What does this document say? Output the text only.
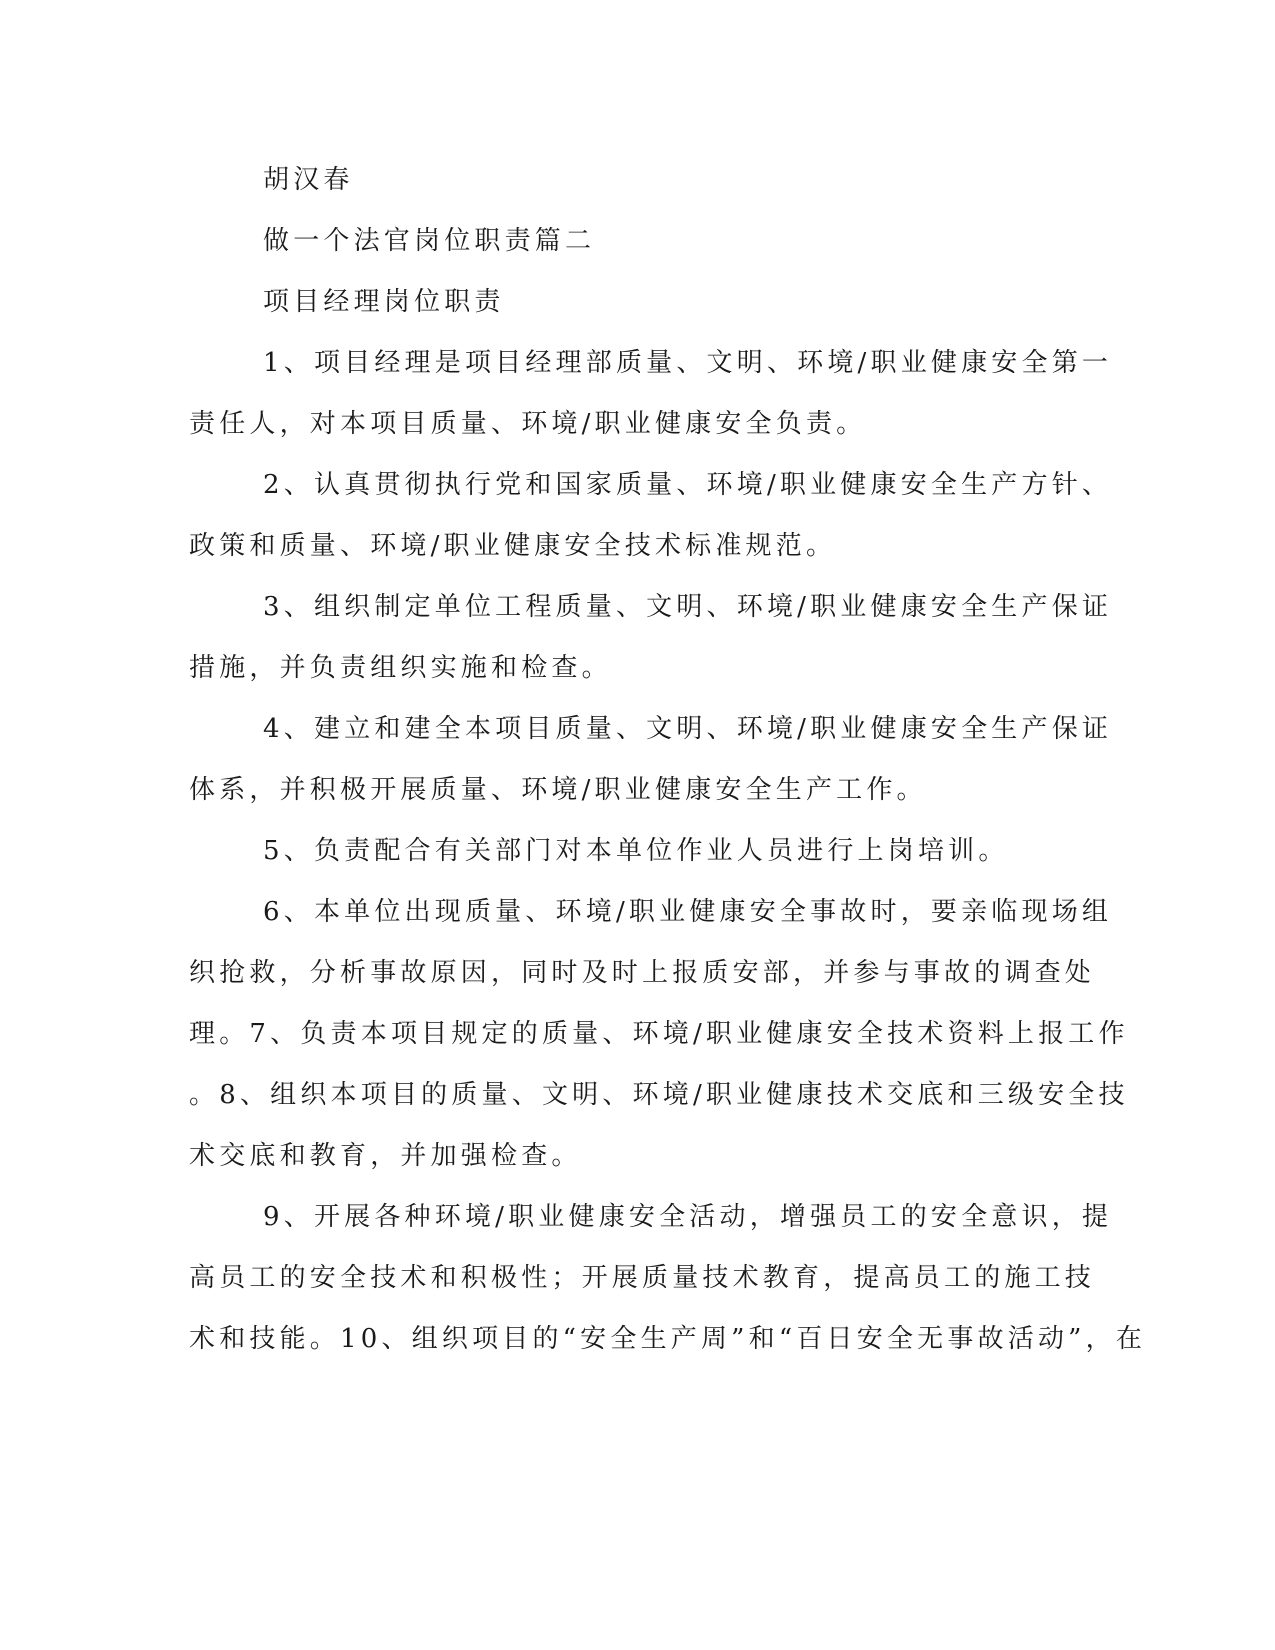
胡汉春
做一个法官岗位职责篇二
项目经理岗位职责
1、项目经理是项目经理部质量、文明、环境/职业健康安全第一
责任人，对本项目质量、环境/职业健康安全负责。
2、认真贯彻执行党和国家质量、环境/职业健康安全生产方针、
政策和质量、环境/职业健康安全技术标准规范。
3、组织制定单位工程质量、文明、环境/职业健康安全生产保证
措施，并负责组织实施和检查。
4、建立和建全本项目质量、文明、环境/职业健康安全生产保证
体系，并积极开展质量、环境/职业健康安全生产工作。
5、负责配合有关部门对本单位作业人员进行上岗培训。
6、本单位出现质量、环境/职业健康安全事故时，要亲临现场组
织抢救，分析事故原因，同时及时上报质安部，并参与事故的调查处
理。7、负责本项目规定的质量、环境/职业健康安全技术资料上报工作
。8、组织本项目的质量、文明、环境/职业健康技术交底和三级安全技
术交底和教育，并加强检查。
9、开展各种环境/职业健康安全活动，增强员工的安全意识，提
高员工的安全技术和积极性；开展质量技术教育，提高员工的施工技
术和技能。10、组织项目的“安全生产周”和“百日安全无事故活动”，在
